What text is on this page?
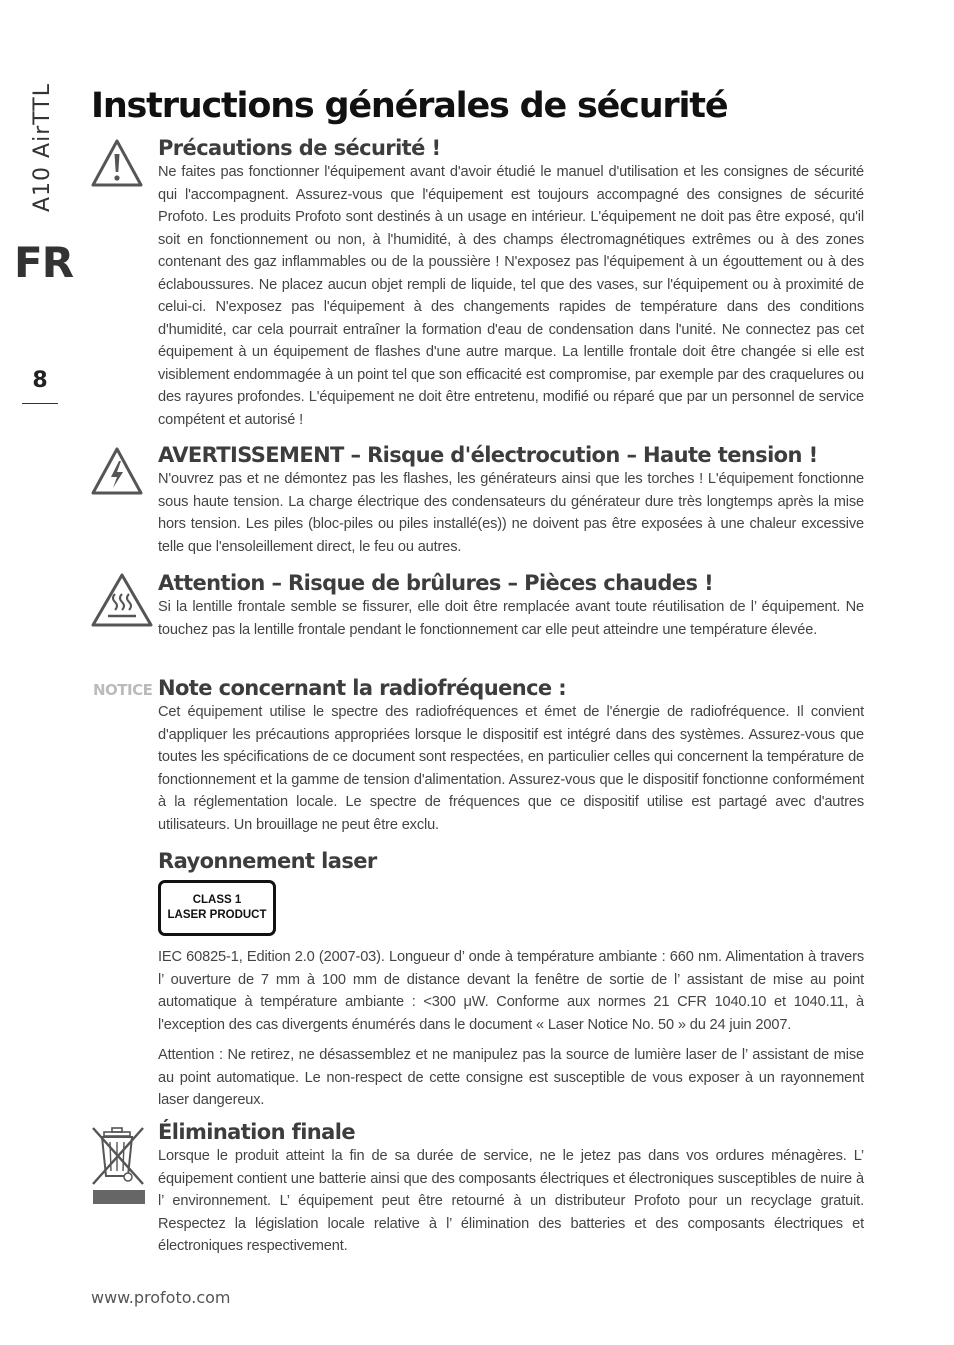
A10 AirTTL
FR
8
Instructions générales de sécurité
Précautions de sécurité !

Ne faites pas fonctionner l'équipement avant d'avoir étudié le manuel d'utilisation et les consignes de sécurité qui l'accompagnent. Assurez-vous que l'équipement est toujours accompagné des consignes de sécurité Profoto. Les produits Profoto sont destinés à un usage en intérieur. L'équipement ne doit pas être exposé, qu'il soit en fonctionnement ou non, à l'humidité, à des champs électromagnétiques extrêmes ou à des zones contenant des gaz inflammables ou de la poussière ! N'exposez pas l'équipement à un égouttement ou à des éclaboussures. Ne placez aucun objet rempli de liquide, tel que des vases, sur l'équipement ou à proximité de celui-ci. N'exposez pas l'équipement à des changements rapides de température dans des conditions d'humidité, car cela pourrait entraîner la formation d'eau de condensation dans l'unité. Ne connectez pas cet équipement à un équipement de flashes d'une autre marque. La lentille frontale doit être changée si elle est visiblement endommagée à un point tel que son efficacité est compromise, par exemple par des craquelures ou des rayures profondes. L'équipement ne doit être entretenu, modifié ou réparé que par un personnel de service compétent et autorisé !

AVERTISSEMENT – Risque d'électrocution – Haute tension !

N'ouvrez pas et ne démontez pas les flashes, les générateurs ainsi que les torches ! L'équipement fonctionne sous haute tension. La charge électrique des condensateurs du générateur dure très longtemps après la mise hors tension. Les piles (bloc-piles ou piles installé(es)) ne doivent pas être exposées à une chaleur excessive telle que l'ensoleillement direct, le feu ou autres.

Attention – Risque de brûlures – Pièces chaudes !

Si la lentille frontale semble se fissurer, elle doit être remplacée avant toute réutilisation de l’ équipement. Ne touchez pas la lentille frontale pendant le fonctionnement car elle peut atteindre une température élevée.

NOTICE Note concernant la radiofréquence :

Cet équipement utilise le spectre des radiofréquences et émet de l'énergie de radiofréquence. Il convient d'appliquer les précautions appropriées lorsque le dispositif est intégré dans des systèmes. Assurez-vous que toutes les spécifications de ce document sont respectées, en particulier celles qui concernent la température de fonctionnement et la gamme de tension d'alimentation. Assurez-vous que le dispositif fonctionne conformément à la réglementation locale. Le spectre de fréquences que ce dispositif utilise est partagé avec d'autres utilisateurs. Un brouillage ne peut être exclu.

Rayonnement laser
CLASS 1
LASER PRODUCT

IEC 60825-1, Edition 2.0 (2007-03). Longueur d’ onde à température ambiante : 660 nm. Alimentation à travers l’ ouverture de 7 mm à 100 mm de distance devant la fenêtre de sortie de l’ assistant de mise au point automatique à température ambiante : <300 μW. Conforme aux normes 21 CFR 1040.10 et 1040.11, à l'exception des cas divergents énumérés dans le document « Laser Notice No. 50 » du 24 juin 2007.

Attention : Ne retirez, ne désassemblez et ne manipulez pas la source de lumière laser de l’ assistant de mise au point automatique. Le non-respect de cette consigne est susceptible de vous exposer à un rayonnement laser dangereux.

Élimination finale

Lorsque le produit atteint la fin de sa durée de service, ne le jetez pas dans vos ordures ménagères. L’ équipement contient une batterie ainsi que des composants électriques et électroniques susceptibles de nuire à l’ environnement. L’ équipement peut être retourné à un distributeur Profoto pour un recyclage gratuit. Respectez la législation locale relative à l’ élimination des batteries et des composants électriques et électroniques respectivement.

www.profoto.com
